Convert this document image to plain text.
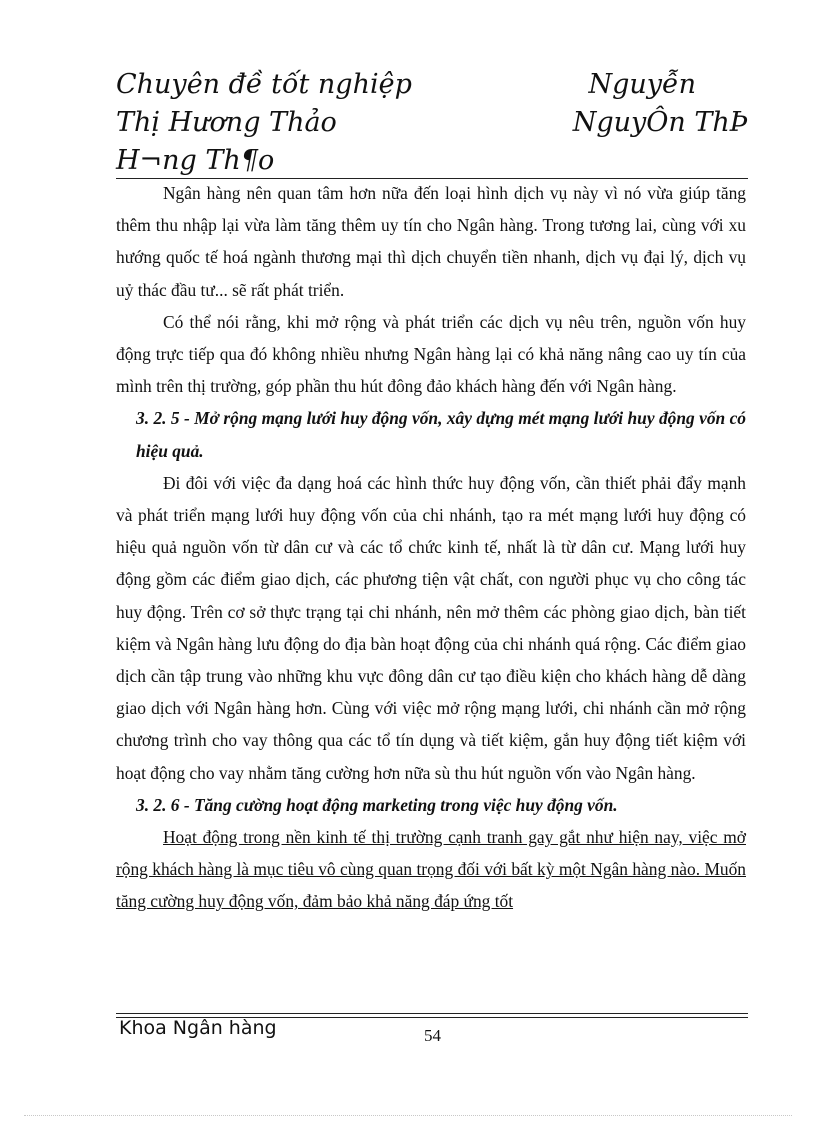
Chuyên đề tốt nghiệp	Nguyễn
Thị Hương Thảo	NguyÔn ThÞ
H¬ng Th¶o

Ngân hàng nên quan tâm hơn nữa đến loại hình dịch vụ này vì nó vừa giúp tăng thêm thu nhập lại vừa làm tăng thêm uy tín cho Ngân hàng. Trong tương lai, cùng với xu hướng quốc tế hoá ngành thương mại thì dịch chuyển tiền nhanh, dịch vụ đại lý, dịch vụ uỷ thác đầu tư... sẽ rất phát triển.

Có thể nói rằng, khi mở rộng và phát triển các dịch vụ nêu trên, nguồn vốn huy động trực tiếp qua đó không nhiều nhưng Ngân hàng lại có khả năng nâng cao uy tín của mình trên thị trường, góp phần thu hút đông đảo khách hàng đến với Ngân hàng.

3. 2. 5 - Mở rộng mạng lưới huy động vốn, xây dựng mét mạng lưới huy động vốn có hiệu quả.

Đi đôi với việc đa dạng hoá các hình thức huy động vốn, cần thiết phải đẩy mạnh và phát triển mạng lưới huy động vốn của chi nhánh, tạo ra mét mạng lưới huy động có hiệu quả nguồn vốn từ dân cư và các tổ chức kinh tế, nhất là từ dân cư. Mạng lưới huy động gồm các điểm giao dịch, các phương tiện vật chất, con người phục vụ cho công tác huy động. Trên cơ sở thực trạng tại chi nhánh, nên mở thêm các phòng giao dịch, bàn tiết kiệm và Ngân hàng lưu động do địa bàn hoạt động của chi nhánh quá rộng. Các điểm giao dịch cần tập trung vào những khu vực đông dân cư tạo điều kiện cho khách hàng dễ dàng giao dịch với Ngân hàng hơn. Cùng với việc mở rộng mạng lưới, chi nhánh cần mở rộng chương trình cho vay thông qua các tổ tín dụng và tiết kiệm, gắn huy động tiết kiệm với hoạt động cho vay nhằm tăng cường hơn nữa sù thu hút nguồn vốn vào Ngân hàng.

3. 2. 6 - Tăng cường hoạt động marketing trong việc huy động vốn.

Hoạt động trong nền kinh tế thị trường cạnh tranh gay gắt như hiện nay, việc mở rộng khách hàng là mục tiêu vô cùng quan trọng đối với bất kỳ một Ngân hàng nào. Muốn tăng cường huy động vốn, đảm bảo khả năng đáp ứng tốt

Khoa Ngân hàng	54
